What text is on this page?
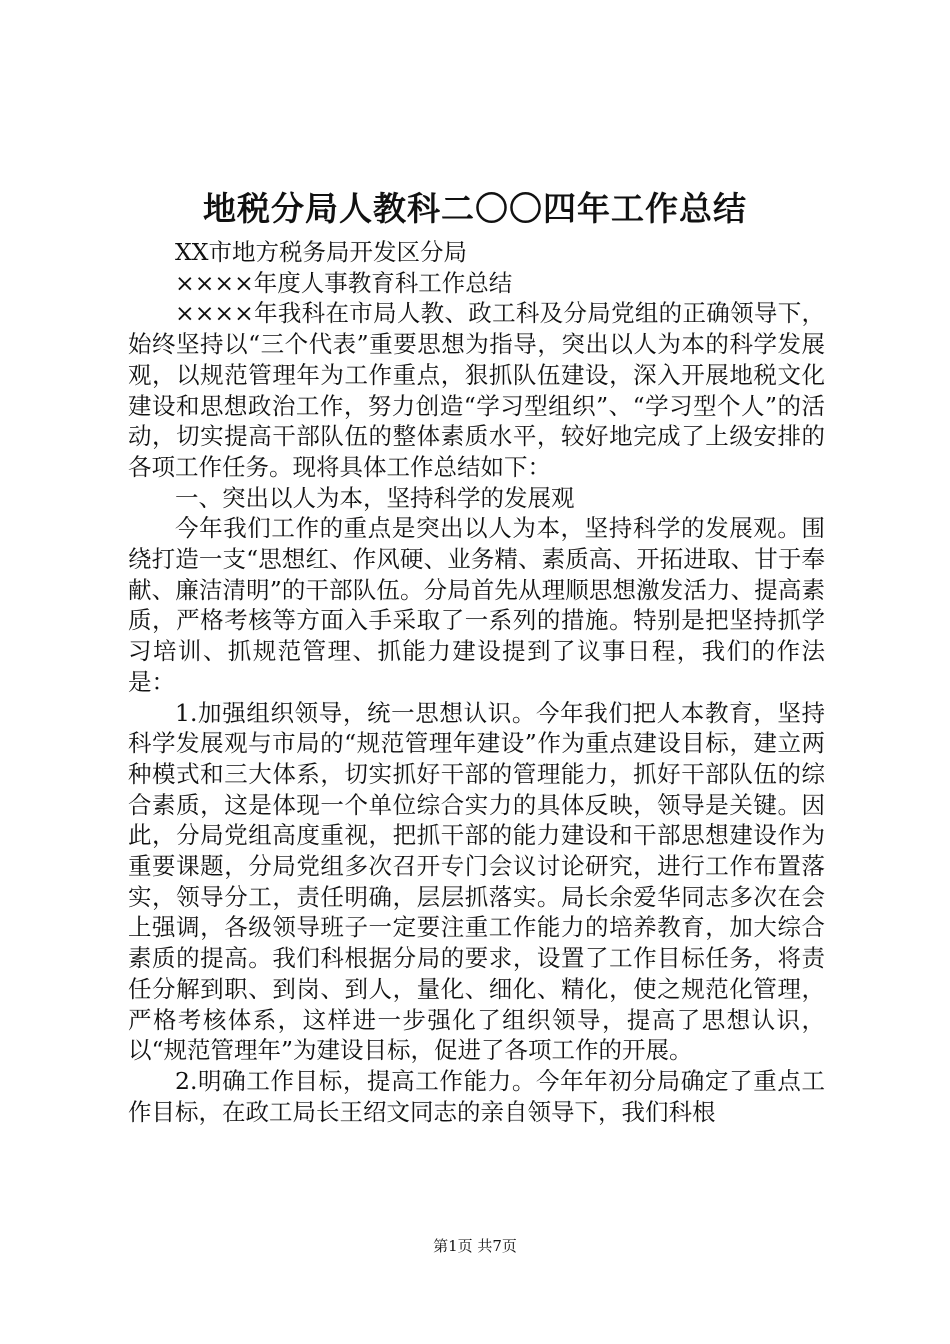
地税分局人教科二〇〇四年工作总结

XX市地方税务局开发区分局

××××年度人事教育科工作总结

××××年我科在市局人教、政工科及分局党组的正确领导下，始终坚持以“三个代表”重要思想为指导，突出以人为本的科学发展观，以规范管理年为工作重点，狠抓队伍建设，深入开展地税文化建设和思想政治工作，努力创造“学习型组织”、“学习型个人”的活动，切实提高干部队伍的整体素质水平，较好地完成了上级安排的各项工作任务。现将具体工作总结如下：

一、突出以人为本，坚持科学的发展观

今年我们工作的重点是突出以人为本，坚持科学的发展观。围绕打造一支“思想红、作风硬、业务精、素质高、开拓进取、甘于奉献、廉洁清明”的干部队伍。分局首先从理顺思想激发活力、提高素质，严格考核等方面入手采取了一系列的措施。特别是把坚持抓学习培训、抓规范管理、抓能力建设提到了议事日程，我们的作法是：

1.加强组织领导，统一思想认识。今年我们把人本教育，坚持科学发展观与市局的“规范管理年建设”作为重点建设目标，建立两种模式和三大体系，切实抓好干部的管理能力，抓好干部队伍的综合素质，这是体现一个单位综合实力的具体反映，领导是关键。因此，分局党组高度重视，把抓干部的能力建设和干部思想建设作为重要课题，分局党组多次召开专门会议讨论研究，进行工作布置落实，领导分工，责任明确，层层抓落实。局长余爱华同志多次在会上强调，各级领导班子一定要注重工作能力的培养教育，加大综合素质的提高。我们科根据分局的要求，设置了工作目标任务，将责任分解到职、到岗、到人，量化、细化、精化，使之规范化管理，严格考核体系，这样进一步强化了组织领导，提高了思想认识，以“规范管理年”为建设目标，促进了各项工作的开展。

2.明确工作目标，提高工作能力。今年年初分局确定了重点工作目标，在政工局长王绍文同志的亲自领导下，我们科根

第1页 共7页
